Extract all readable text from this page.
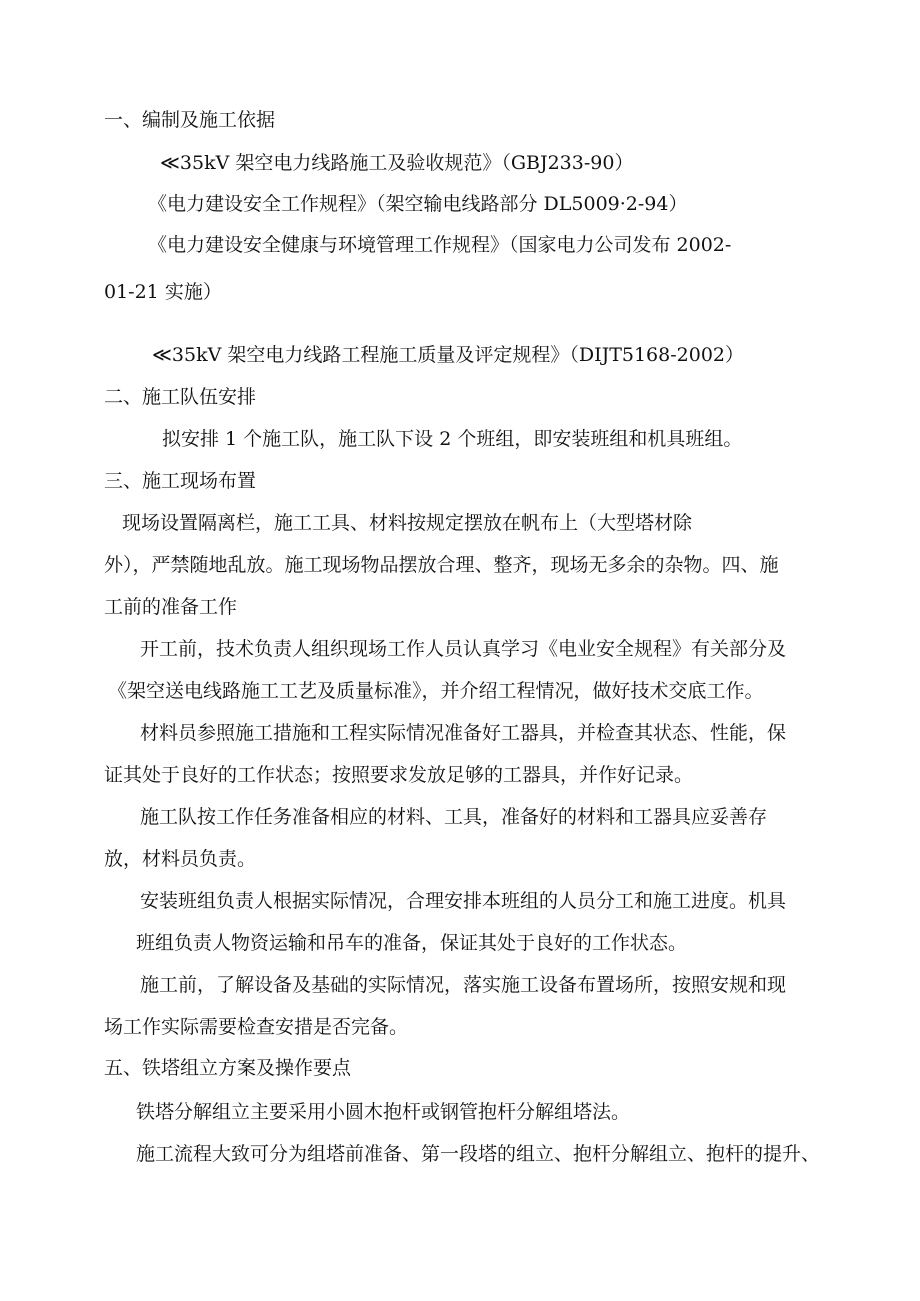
一、编制及施工依据
≪35kV 架空电力线路施工及验收规范》（GBJ233-90）
《电力建设安全工作规程》（架空输电线路部分 DL5009·2-94）
《电力建设安全健康与环境管理工作规程》（国家电力公司发布 2002-
01-21 实施）
≪35kV 架空电力线路工程施工质量及评定规程》（DIJT5168-2002）
二、施工队伍安排
拟安排 1 个施工队，施工队下设 2 个班组，即安装班组和机具班组。
三、施工现场布置
现场设置隔离栏，施工工具、材料按规定摆放在帆布上（大型塔材除
外），严禁随地乱放。施工现场物品摆放合理、整齐，现场无多余的杂物。四、施
工前的准备工作
开工前，技术负责人组织现场工作人员认真学习《电业安全规程》有关部分及
《架空送电线路施工工艺及质量标准》，并介绍工程情况，做好技术交底工作。
材料员参照施工措施和工程实际情况准备好工器具，并检查其状态、性能，保
证其处于良好的工作状态；按照要求发放足够的工器具，并作好记录。
施工队按工作任务准备相应的材料、工具，准备好的材料和工器具应妥善存
放，材料员负责。
安装班组负责人根据实际情况，合理安排本班组的人员分工和施工进度。机具
班组负责人物资运输和吊车的准备，保证其处于良好的工作状态。
施工前，了解设备及基础的实际情况，落实施工设备布置场所，按照安规和现
场工作实际需要检查安措是否完备。
五、铁塔组立方案及操作要点
铁塔分解组立主要采用小圆木抱杆或钢管抱杆分解组塔法。
施工流程大致可分为组塔前准备、第一段塔的组立、抱杆分解组立、抱杆的提升、
